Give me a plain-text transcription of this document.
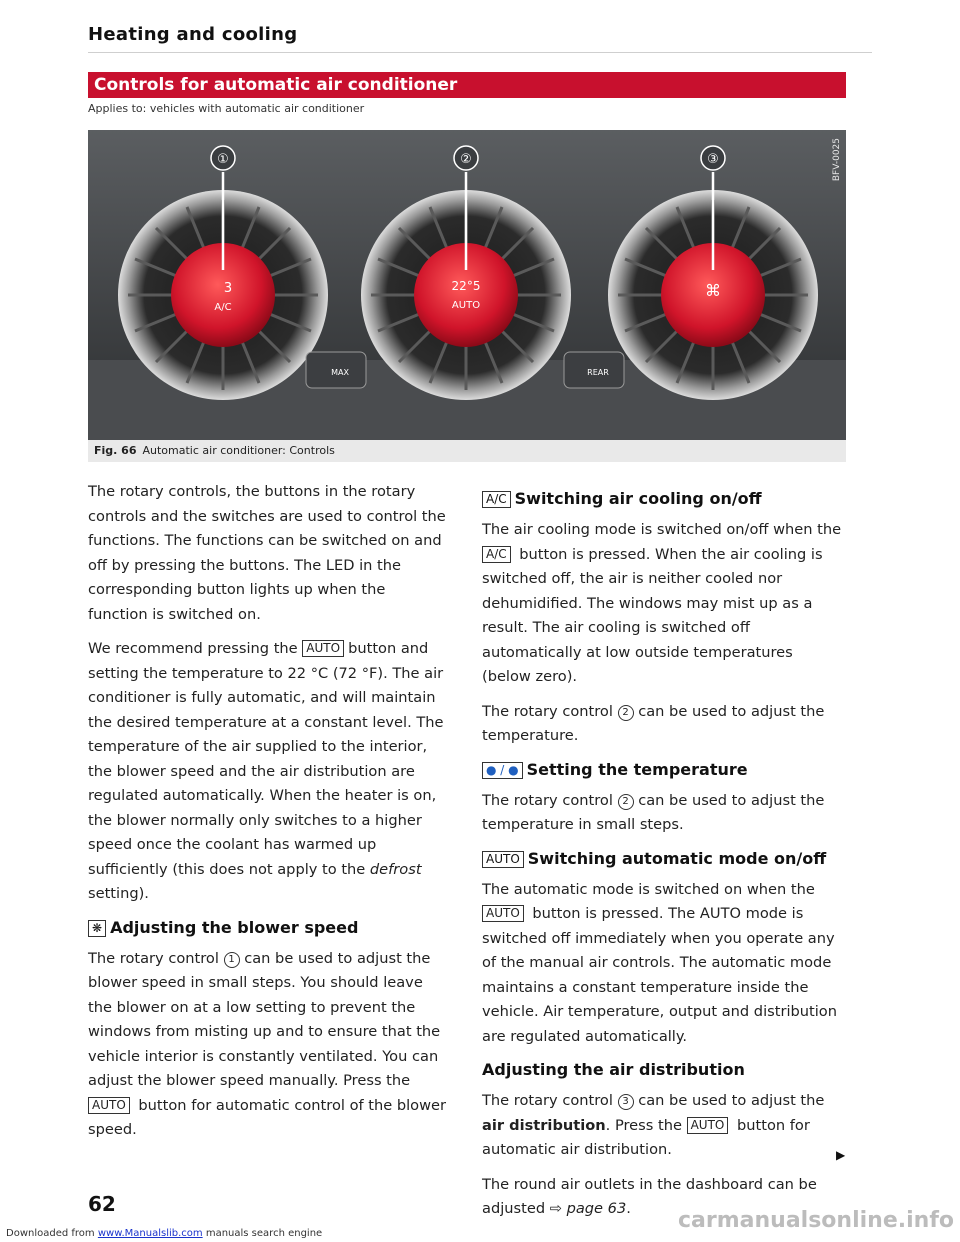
Heating and cooling
Controls for automatic air conditioner
Applies to: vehicles with automatic air conditioner
①	②	③
3
A/C
22°5
AUTO
⌘
MAX	REAR
BFV-0025
Fig. 66 Automatic air conditioner: Controls

The rotary controls, the buttons in the rotary controls and the switches are used to control the functions. The functions can be switched on and off by pressing the buttons. The LED in the corresponding button lights up when the function is switched on.

We recommend pressing the AUTO button and setting the temperature to 22 °C (72 °F). The air conditioner is fully automatic, and will maintain the desired temperature at a constant level. The temperature of the air supplied to the interior, the blower speed and the air distribution are regulated automatically. When the heater is on, the blower normally only switches to a higher speed once the coolant has warmed up sufficiently (this does not apply to the defrost setting).

❋ Adjusting the blower speed

The rotary control 1 can be used to adjust the blower speed in small steps. You should leave the blower on at a low setting to prevent the windows from misting up and to ensure that the vehicle interior is constantly ventilated. You can adjust the blower speed manually. Press the AUTO button for automatic control of the blower speed.

A/C Switching air cooling on/off

The air cooling mode is switched on/off when the A/C button is pressed. When the air cooling is switched off, the air is neither cooled nor dehumidified. The windows may mist up as a result. The air cooling is switched off automatically at low outside temperatures (below zero).

The rotary control 2 can be used to adjust the temperature.

● / ● Setting the temperature

The rotary control 2 can be used to adjust the temperature in small steps.

AUTO Switching automatic mode on/off

The automatic mode is switched on when the AUTO button is pressed. The AUTO mode is switched off immediately when you operate any of the manual air controls. The automatic mode maintains a constant temperature inside the vehicle. Air temperature, output and distribution are regulated automatically.

Adjusting the air distribution

The rotary control 3 can be used to adjust the air distribution. Press the AUTO button for automatic air distribution.

The round air outlets in the dashboard can be adjusted ⇨ page 63.

▶
62
Downloaded from www.Manualslib.com manuals search engine
carmanualsonline.info
